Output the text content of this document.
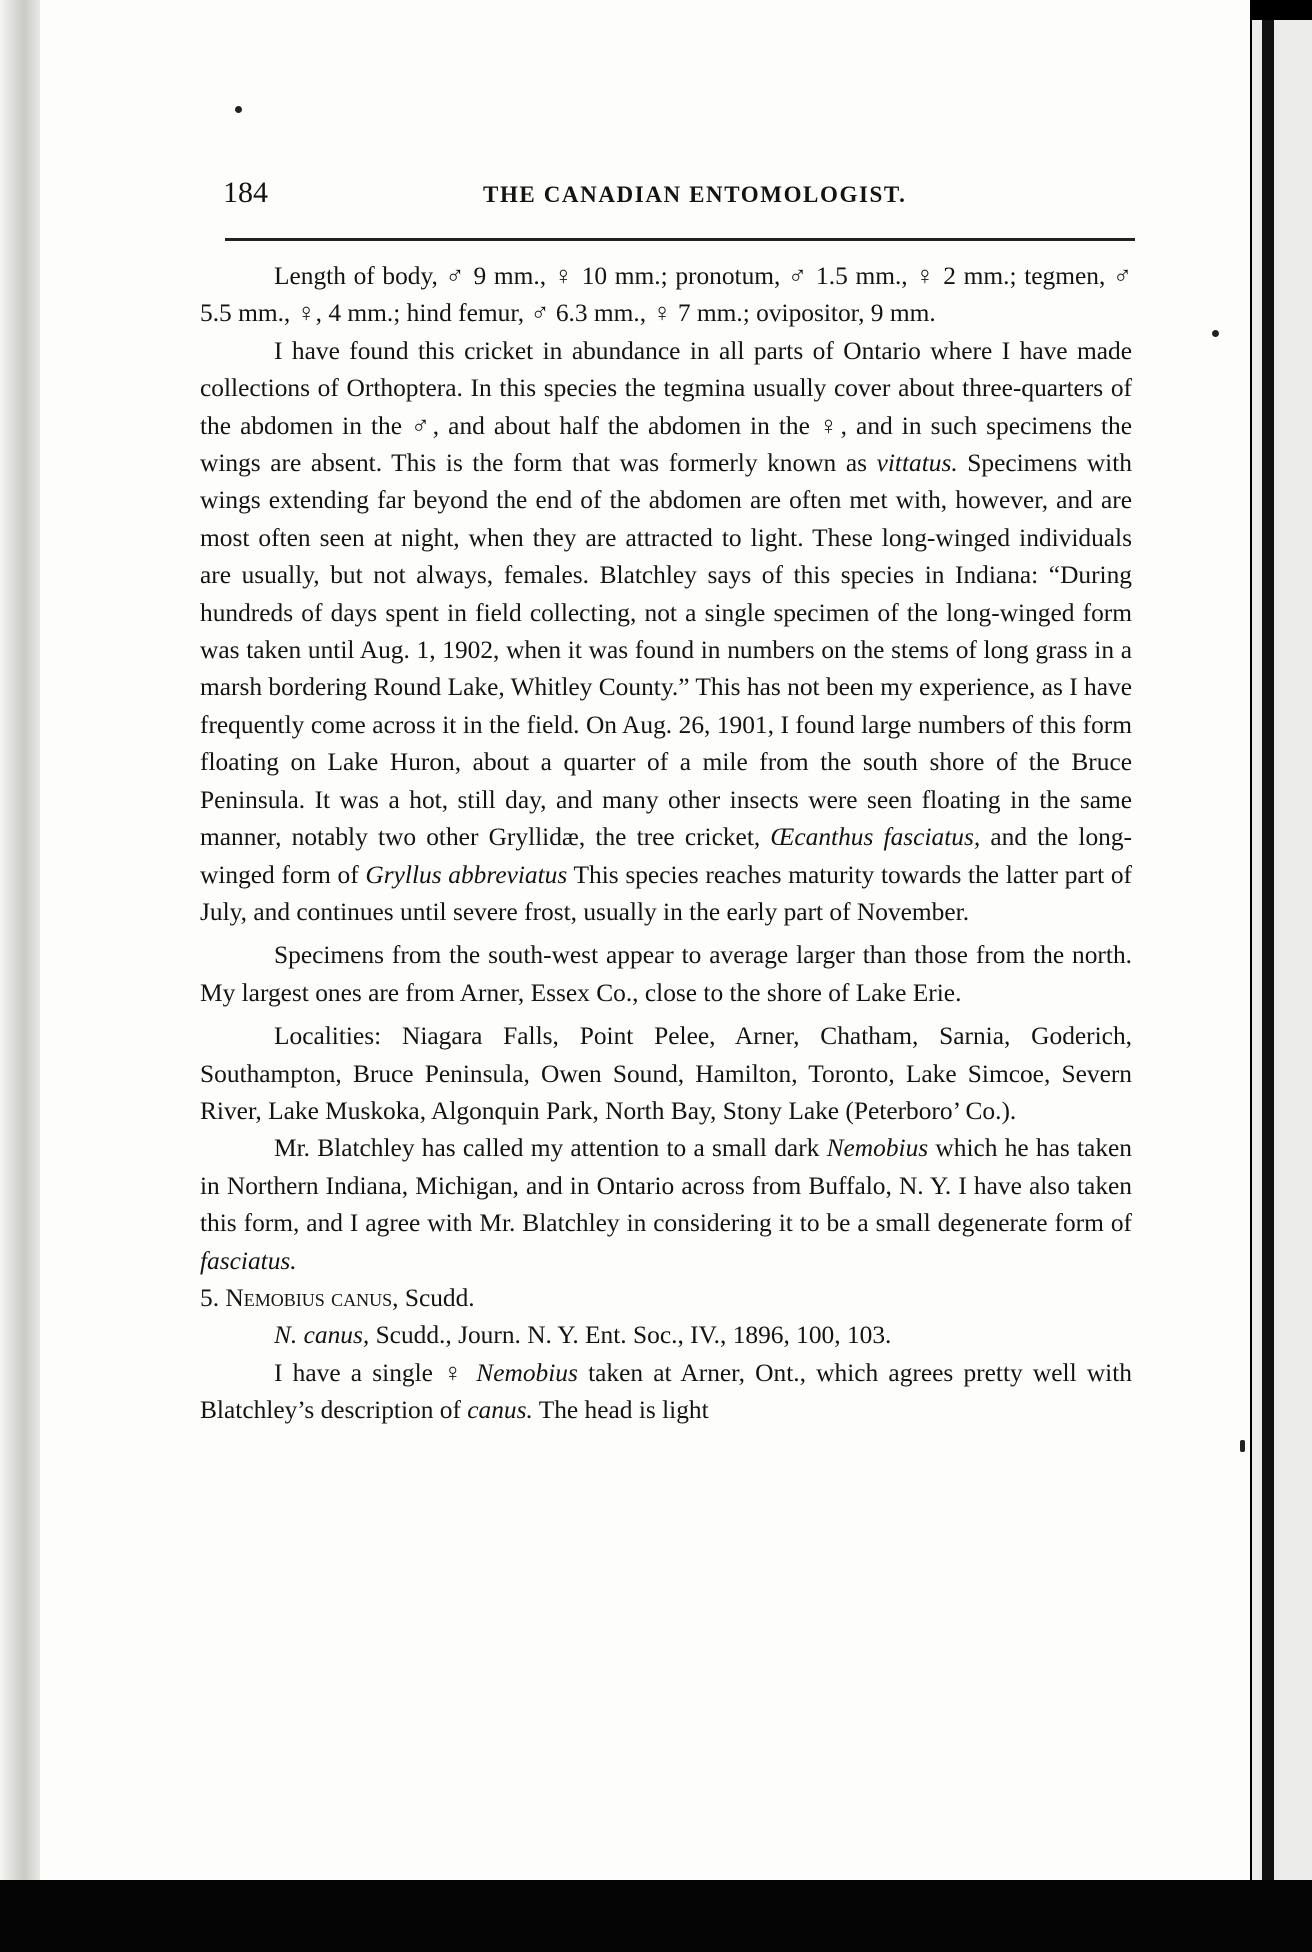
184	THE CANADIAN ENTOMOLOGIST.

Length of body, ♂ 9 mm., ♀ 10 mm.; pronotum, ♂ 1.5 mm., ♀ 2 mm.; tegmen, ♂ 5.5 mm., ♀, 4 mm.; hind femur, ♂ 6.3 mm., ♀ 7 mm.; ovipositor, 9 mm.

I have found this cricket in abundance in all parts of Ontario where I have made collections of Orthoptera. In this species the tegmina usually cover about three-quarters of the abdomen in the ♂, and about half the abdomen in the ♀, and in such specimens the wings are absent. This is the form that was formerly known as vittatus. Specimens with wings extending far beyond the end of the abdomen are often met with, however, and are most often seen at night, when they are attracted to light. These long-winged individuals are usually, but not always, females. Blatchley says of this species in Indiana: “During hundreds of days spent in field collecting, not a single specimen of the long-winged form was taken until Aug. 1, 1902, when it was found in numbers on the stems of long grass in a marsh bordering Round Lake, Whitley County.” This has not been my experience, as I have frequently come across it in the field. On Aug. 26, 1901, I found large numbers of this form floating on Lake Huron, about a quarter of a mile from the south shore of the Bruce Peninsula. It was a hot, still day, and many other insects were seen floating in the same manner, notably two other Gryllidæ, the tree cricket, Œcanthus fasciatus, and the long-winged form of Gryllus abbreviatus This species reaches maturity towards the latter part of July, and continues until severe frost, usually in the early part of November.

Specimens from the south-west appear to average larger than those from the north. My largest ones are from Arner, Essex Co., close to the shore of Lake Erie.

Localities: Niagara Falls, Point Pelee, Arner, Chatham, Sarnia, Goderich, Southampton, Bruce Peninsula, Owen Sound, Hamilton, Toronto, Lake Simcoe, Severn River, Lake Muskoka, Algonquin Park, North Bay, Stony Lake (Peterboro’ Co.).

Mr. Blatchley has called my attention to a small dark Nemobius which he has taken in Northern Indiana, Michigan, and in Ontario across from Buffalo, N. Y. I have also taken this form, and I agree with Mr. Blatchley in considering it to be a small degenerate form of fasciatus.

5. Nemobius canus, Scudd.

N. canus, Scudd., Journ. N. Y. Ent. Soc., IV., 1896, 100, 103.

I have a single ♀ Nemobius taken at Arner, Ont., which agrees pretty well with Blatchley’s description of canus. The head is light
